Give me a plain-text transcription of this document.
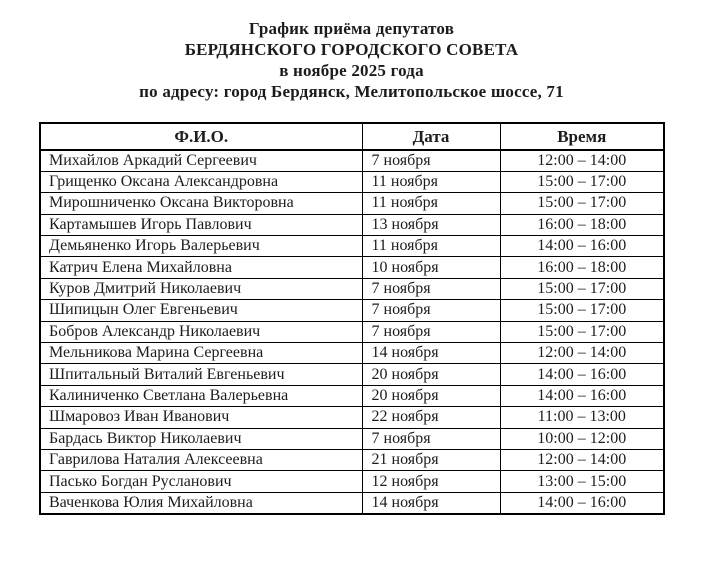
График приёма депутатов
БЕРДЯНСКОГО ГОРОДСКОГО СОВЕТА
в ноябре 2025 года
по адресу: город Бердянск, Мелитопольское шоссе, 71
Ф.И.О.	Дата	Время
Михайлов Аркадий Сергеевич	7 ноября	12:00 – 14:00
Грищенко Оксана Александровна	11 ноября	15:00 – 17:00
Мирошниченко Оксана Викторовна	11 ноября	15:00 – 17:00
Картамышев Игорь Павлович	13 ноября	16:00 – 18:00
Демьяненко Игорь Валерьевич	11 ноября	14:00 – 16:00
Катрич Елена Михайловна	10 ноября	16:00 – 18:00
Куров Дмитрий Николаевич	7 ноября	15:00 – 17:00
Шипицын Олег Евгеньевич	7 ноября	15:00 – 17:00
Бобров Александр Николаевич	7 ноября	15:00 – 17:00
Мельникова Марина Сергеевна	14 ноября	12:00 – 14:00
Шпитальный Виталий Евгеньевич	20 ноября	14:00 – 16:00
Калиниченко Светлана Валерьевна	20 ноября	14:00 – 16:00
Шмаровоз Иван Иванович	22 ноября	11:00 – 13:00
Бардась Виктор Николаевич	7 ноября	10:00 – 12:00
Гаврилова Наталия Алексеевна	21 ноября	12:00 – 14:00
Пасько Богдан Русланович	12 ноября	13:00 – 15:00
Ваченкова Юлия Михайловна	14 ноября	14:00 – 16:00
